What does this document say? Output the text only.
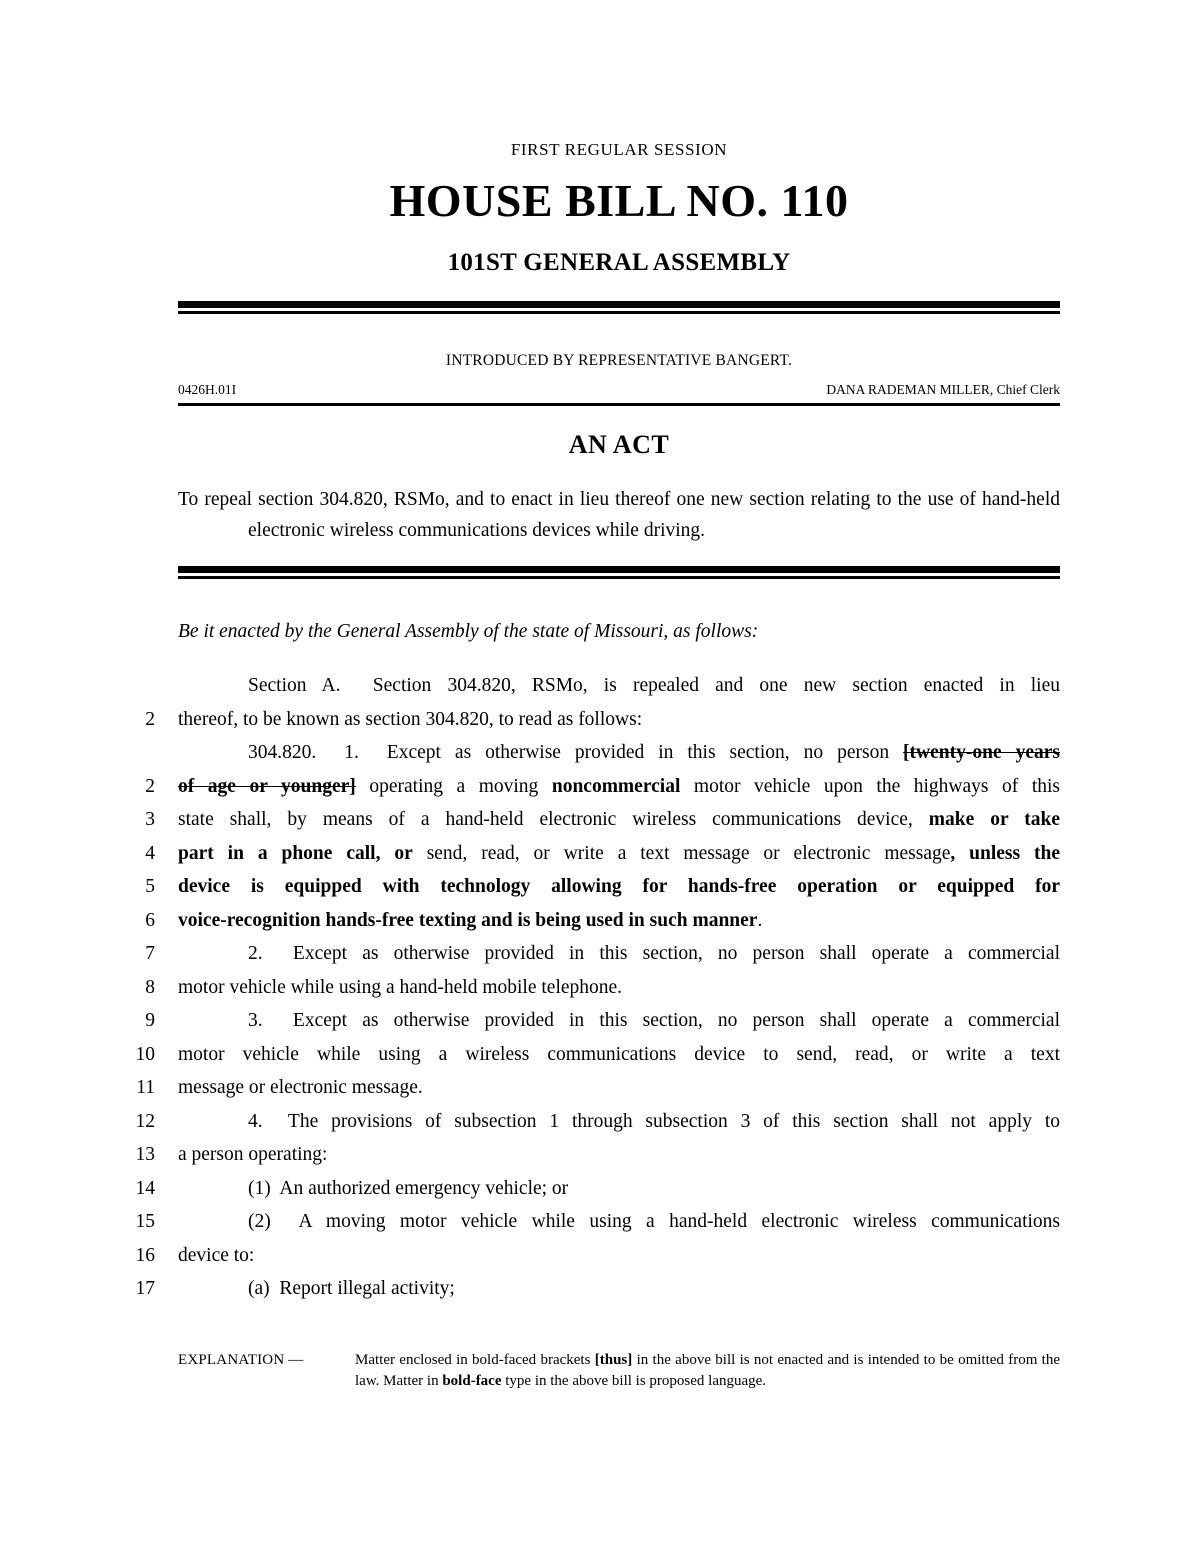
FIRST REGULAR SESSION
HOUSE BILL NO. 110
101ST GENERAL ASSEMBLY
INTRODUCED BY REPRESENTATIVE BANGERT.
0426H.01I	DANA RADEMAN MILLER, Chief Clerk
AN ACT
To repeal section 304.820, RSMo, and to enact in lieu thereof one new section relating to the use of hand-held electronic wireless communications devices while driving.
Be it enacted by the General Assembly of the state of Missouri, as follows:
Section A.  Section 304.820, RSMo, is repealed and one new section enacted in lieu
2 thereof, to be known as section 304.820, to read as follows:
304.820.  1.  Except as otherwise provided in this section, no person [twenty-one years
2 of age or younger] operating a moving noncommercial motor vehicle upon the highways of this
3 state shall, by means of a hand-held electronic wireless communications device, make or take
4 part in a phone call, or send, read, or write a text message or electronic message, unless the
5 device is equipped with technology allowing for hands-free operation or equipped for
6 voice-recognition hands-free texting and is being used in such manner.
7	2.  Except as otherwise provided in this section, no person shall operate a commercial
8 motor vehicle while using a hand-held mobile telephone.
9	3.  Except as otherwise provided in this section, no person shall operate a commercial
10 motor vehicle while using a wireless communications device to send, read, or write a text
11 message or electronic message.
12	4.  The provisions of subsection 1 through subsection 3 of this section shall not apply to
13 a person operating:
14	(1)  An authorized emergency vehicle; or
15	(2)  A moving motor vehicle while using a hand-held electronic wireless communications
16 device to:
17	(a)  Report illegal activity;
EXPLANATION —	Matter enclosed in bold-faced brackets [thus] in the above bill is not enacted and is intended to be omitted from the law. Matter in bold-face type in the above bill is proposed language.
